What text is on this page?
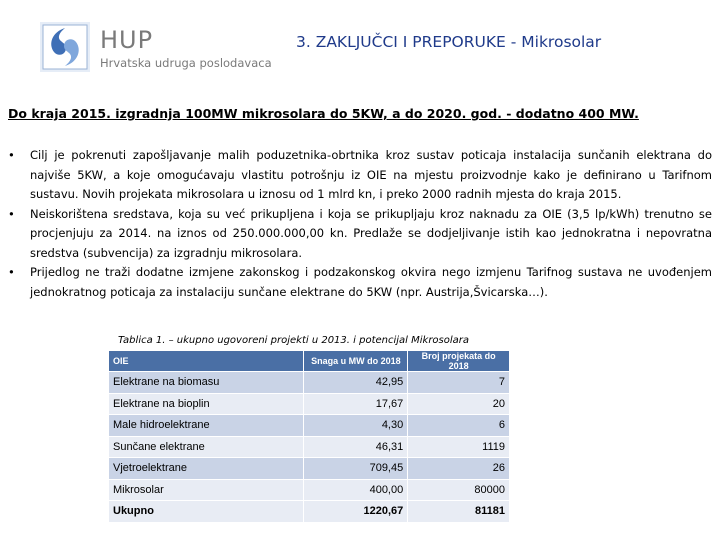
HUP
Hrvatska udruga poslodavaca
3. ZAKLJUČCI I PREPORUKE - Mikrosolar
Do kraja 2015. izgradnja 100MW mikrosolara do 5KW, a do 2020. god. - dodatno 400 MW.
• Cilj je pokrenuti zapošljavanje malih poduzetnika-obrtnika kroz sustav poticaja instalacija sunčanih elektrana do najviše 5KW, a koje omogućavaju vlastitu potrošnju iz OIE na mjestu proizvodnje kako je definirano u Tarifnom sustavu. Novih projekata mikrosolara u iznosu od 1 mlrd kn, i preko 2000 radnih mjesta do kraja 2015.
• Neiskorištena sredstava, koja su već prikupljena i koja se prikupljaju kroz naknadu za OIE (3,5 lp/kWh) trenutno se procjenjuju za 2014. na iznos od 250.000.000,00 kn. Predlaže se dodjeljivanje istih kao jednokratna i nepovratna sredstva (subvencija) za izgradnju mikrosolara.
• Prijedlog ne traži dodatne izmjene zakonskog i podzakonskog okvira nego izmjenu Tarifnog sustava ne uvođenjem jednokratnog poticaja za instalaciju sunčane elektrane do 5KW (npr. Austrija,Švicarska…).
Tablica 1. – ukupno ugovoreni projekti u 2013. i potencijal Mikrosolara
OIE	Snaga u MW do 2018	Broj projekata do 2018
Elektrane na biomasu	42,95	7
Elektrane na bioplin	17,67	20
Male hidroelektrane	4,30	6
Sunčane elektrane	46,31	1119
Vjetroelektrane	709,45	26
Mikrosolar	400,00	80000
Ukupno	1220,67	81181
